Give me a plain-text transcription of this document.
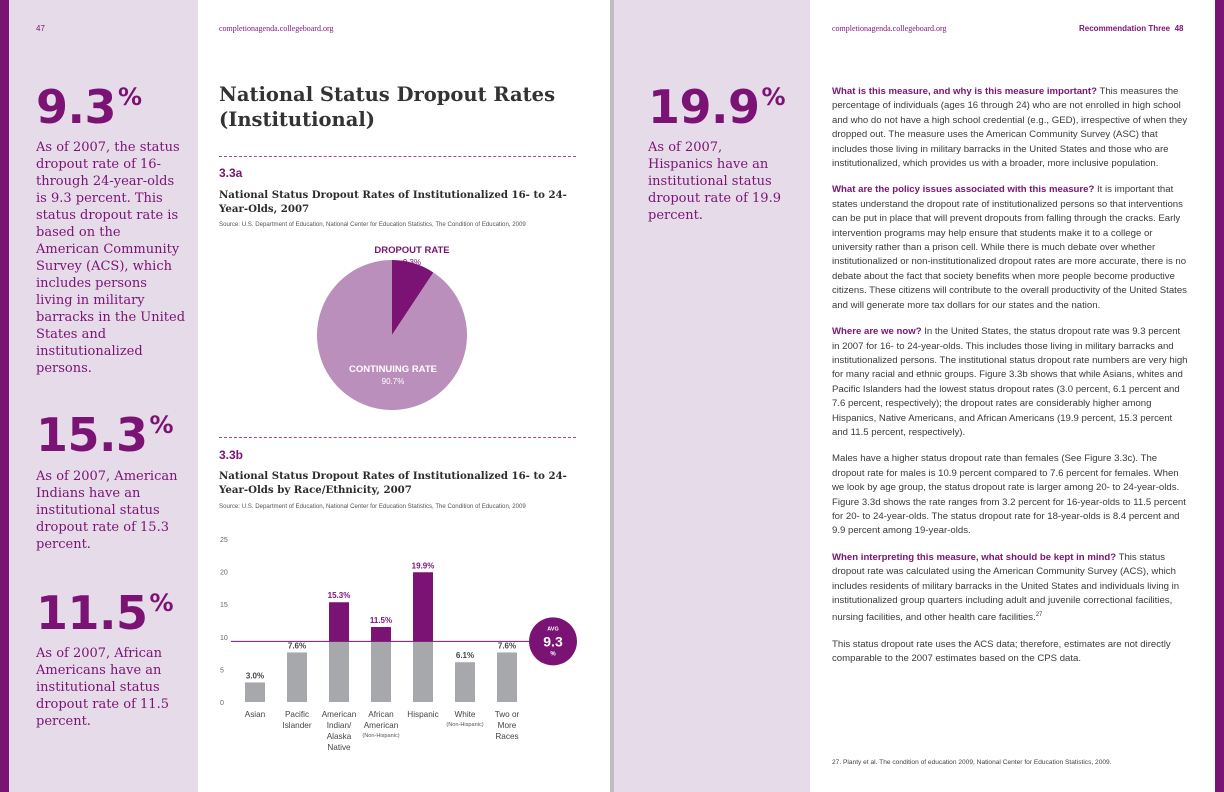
47	completionagenda.collegeboard.org
9.3%
As of 2007, the status dropout rate of 16- through 24-year-olds is 9.3 percent. This status dropout rate is based on the American Community Survey (ACS), which includes persons living in military barracks in the United States and institutionalized persons.
15.3%
As of 2007, American Indians have an institutional status dropout rate of 15.3 percent.
11.5%
As of 2007, African Americans have an institutional status dropout rate of 11.5 percent.
National Status Dropout Rates (Institutional)
3.3a
National Status Dropout Rates of Institutionalized 16- to 24-Year-Olds, 2007
Source: U.S. Department of Education, National Center for Education Statistics, The Condition of Education, 2009
DROPOUT RATE
9.3%
CONTINUING RATE
90.7%
3.3b
National Status Dropout Rates of Institutionalized 16- to 24-Year-Olds by Race/Ethnicity, 2007
Source: U.S. Department of Education, National Center for Education Statistics, The Condition of Education, 2009
0
5
10
15
20
25
3.0%
Asian
7.6%
Pacific
Islander
15.3%
American
Indian/
Alaska
Native
11.5%
African
American
(Non-Hispanic)
19.9%
Hispanic
6.1%
White
(Non-Hispanic)
7.6%
Two or
More
Races
AVG
9.3
%
completionagenda.collegeboard.org	Recommendation Three 48
19.9%
As of 2007, Hispanics have an institutional status dropout rate of 19.9 percent.

What is this measure, and why is this measure important? This measures the percentage of individuals (ages 16 through 24) who are not enrolled in high school and who do not have a high school credential (e.g., GED), irrespective of when they dropped out. The measure uses the American Community Survey (ASC) that includes those living in military barracks in the United States and those who are institutionalized, which provides us with a broader, more inclusive population.

What are the policy issues associated with this measure? It is important that states understand the dropout rate of institutionalized persons so that interventions can be put in place that will prevent dropouts from falling through the cracks. Early intervention programs may help ensure that students make it to a college or university rather than a prison cell. While there is much debate over whether institutionalized or non-institutionalized dropout rates are more accurate, there is no debate about the fact that society benefits when more people become productive citizens. These citizens will contribute to the overall productivity of the United States and will generate more tax dollars for our states and the nation.

Where are we now? In the United States, the status dropout rate was 9.3 percent in 2007 for 16- to 24-year-olds. This includes those living in military barracks and institutionalized persons. The institutional status dropout rate numbers are very high for many racial and ethnic groups. Figure 3.3b shows that while Asians, whites and Pacific Islanders had the lowest status dropout rates (3.0 percent, 6.1 percent and 7.6 percent, respectively); the dropout rates are considerably higher among Hispanics, Native Americans, and African Americans (19.9 percent, 15.3 percent and 11.5 percent, respectively).

Males have a higher status dropout rate than females (See Figure 3.3c). The dropout rate for males is 10.9 percent compared to 7.6 percent for females. When we look by age group, the status dropout rate is larger among 20- to 24-year-olds. Figure 3.3d shows the rate ranges from 3.2 percent for 16-year-olds to 11.5 percent for 20- to 24-year-olds. The status dropout rate for 18-year-olds is 8.4 percent and 9.9 percent among 19-year-olds.

When interpreting this measure, what should be kept in mind? This status dropout rate was calculated using the American Community Survey (ACS), which includes residents of military barracks in the United States and individuals living in institutionalized group quarters including adult and juvenile correctional facilities, nursing facilities, and other health care facilities.$^{27}$

This status dropout rate uses the ACS data; therefore, estimates are not directly comparable to the 2007 estimates based on the CPS data.

27. Planty et al. The condition of education 2009, National Center for Education Statistics, 2009.
